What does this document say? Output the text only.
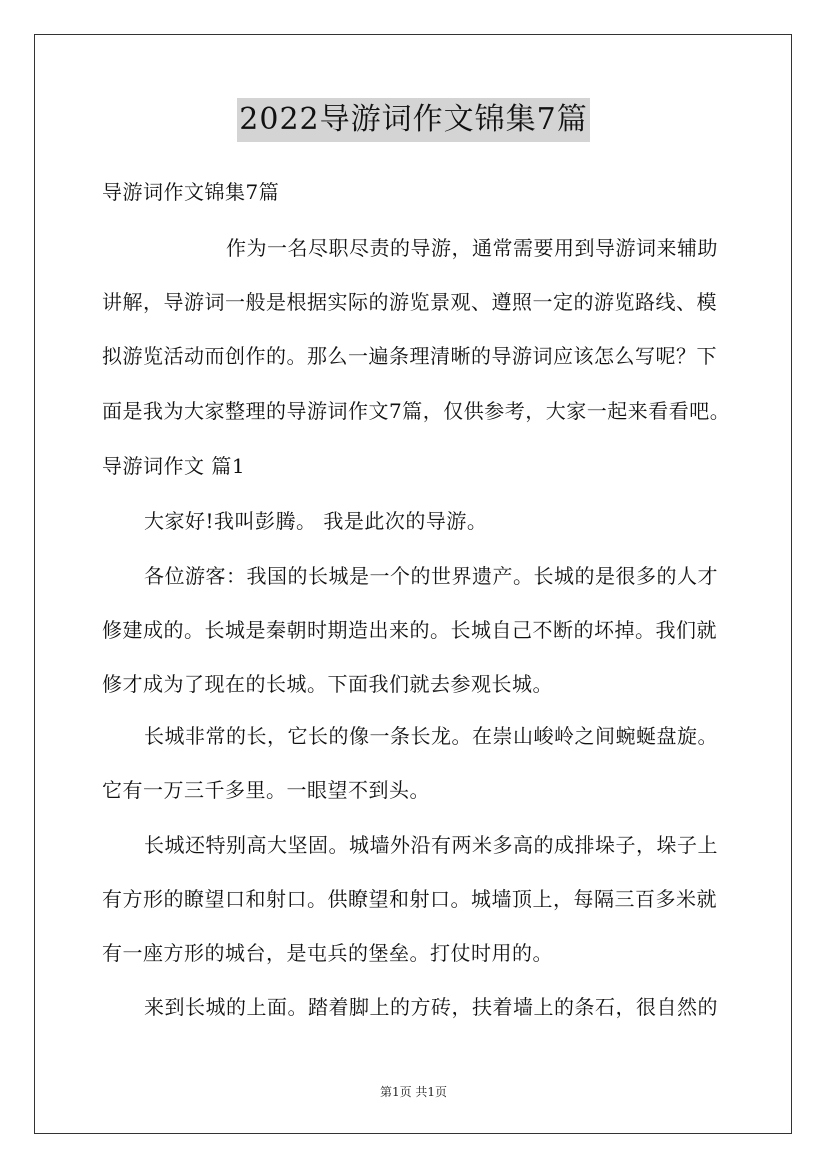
2022导游词作文锦集7篇
导游词作文锦集7篇
作为一名尽职尽责的导游，通常需要用到导游词来辅助
讲解，导游词一般是根据实际的游览景观、遵照一定的游览路线、模
拟游览活动而创作的。那么一遍条理清晰的导游词应该怎么写呢？下
面是我为大家整理的导游词作文7篇，仅供参考，大家一起来看看吧。
导游词作文 篇1
大家好!我叫彭腾。 我是此次的导游。
各位游客：我国的长城是一个的世界遗产。长城的是很多的人才
修建成的。长城是秦朝时期造出来的。长城自己不断的坏掉。我们就
修才成为了现在的长城。下面我们就去参观长城。
长城非常的长，它长的像一条长龙。在崇山峻岭之间蜿蜒盘旋。
它有一万三千多里。一眼望不到头。
长城还特别高大坚固。城墙外沿有两米多高的成排垛子，垛子上
有方形的瞭望口和射口。供瞭望和射口。城墙顶上，每隔三百多米就
有一座方形的城台，是屯兵的堡垒。打仗时用的。
来到长城的上面。踏着脚上的方砖，扶着墙上的条石，很自然的
第1页 共1页
